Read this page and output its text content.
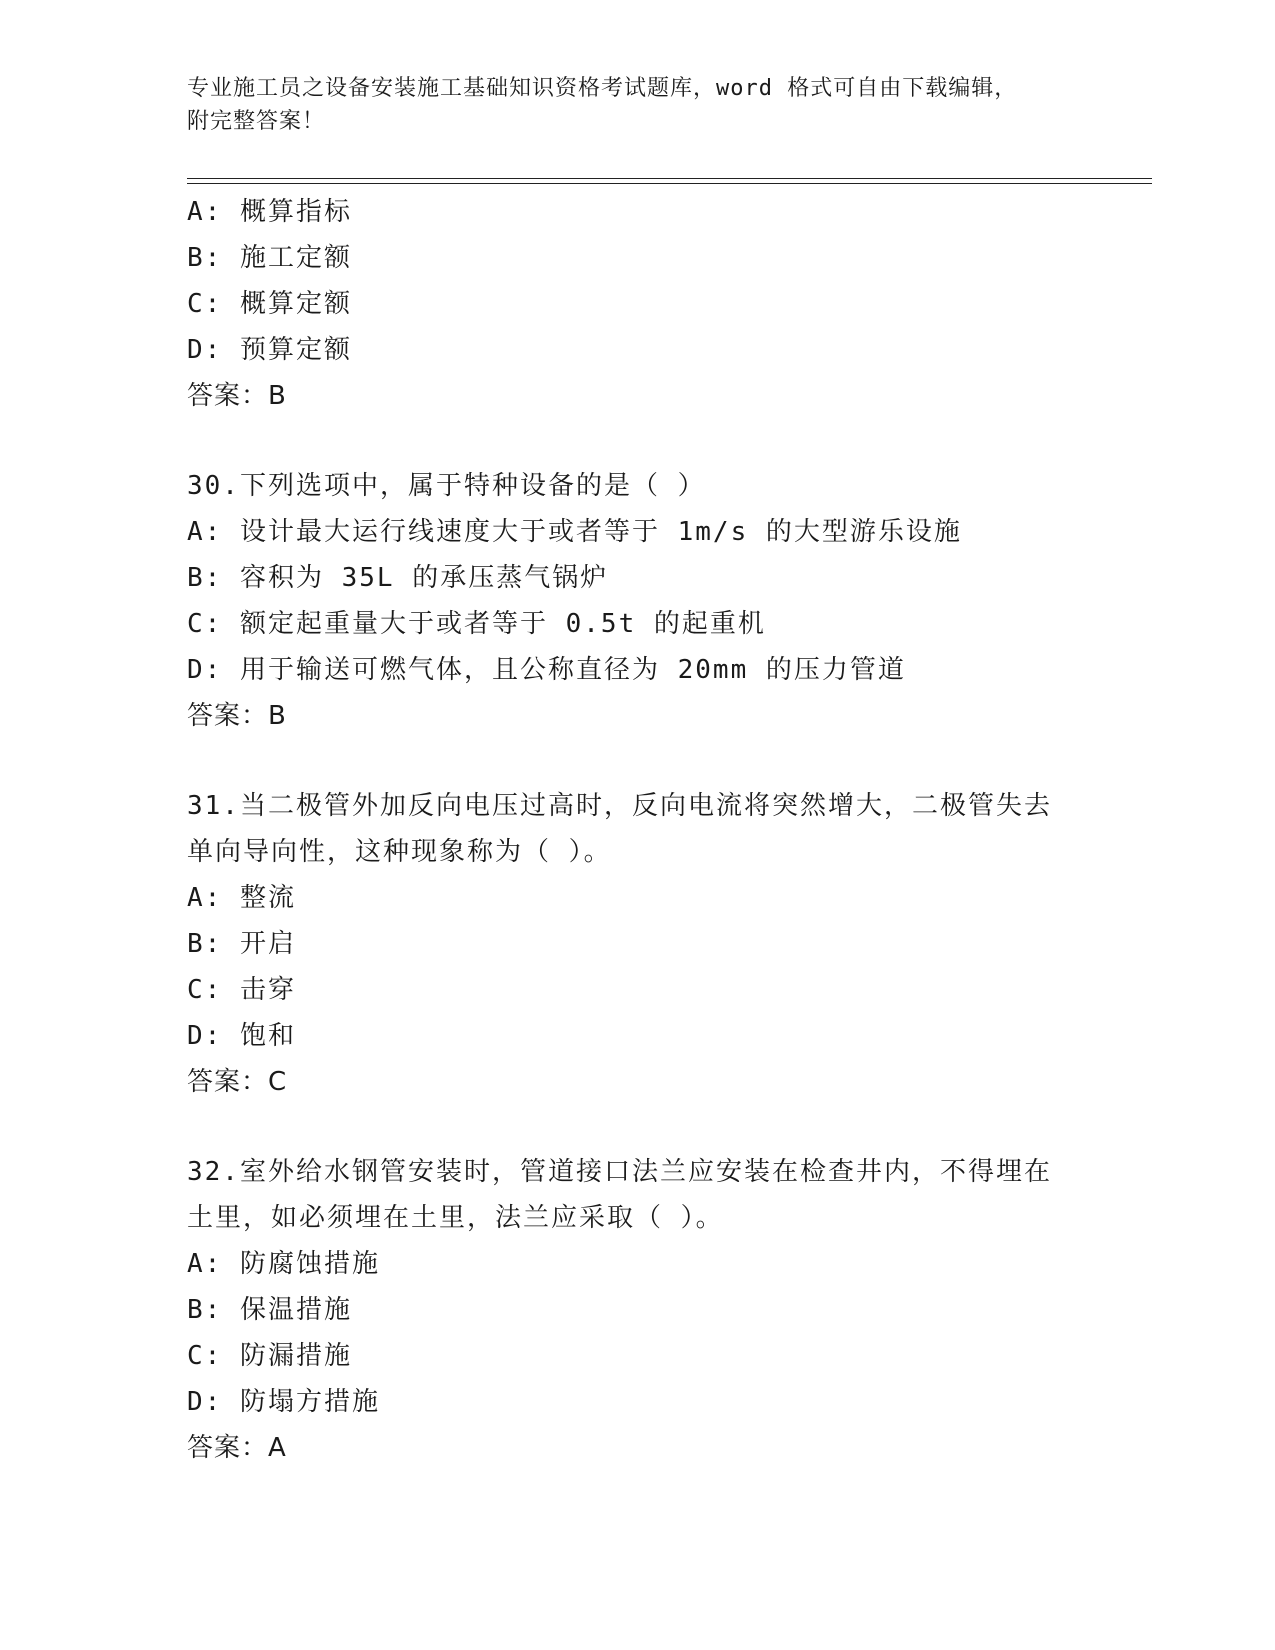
专业施工员之设备安装施工基础知识资格考试题库，word 格式可自由下载编辑，
附完整答案！
A: 概算指标
B: 施工定额
C: 概算定额
D: 预算定额
答案：B
30.下列选项中，属于特种设备的是（ ）
A: 设计最大运行线速度大于或者等于 1m/s 的大型游乐设施
B: 容积为 35L 的承压蒸气锅炉
C: 额定起重量大于或者等于 0.5t 的起重机
D: 用于输送可燃气体，且公称直径为 20mm 的压力管道
答案：B
31.当二极管外加反向电压过高时，反向电流将突然增大，二极管失去
单向导向性，这种现象称为（ ）。
A: 整流
B: 开启
C: 击穿
D: 饱和
答案：C
32.室外给水钢管安装时，管道接口法兰应安装在检查井内，不得埋在
土里，如必须埋在土里，法兰应采取（ ）。
A: 防腐蚀措施
B: 保温措施
C: 防漏措施
D: 防塌方措施
答案：A
